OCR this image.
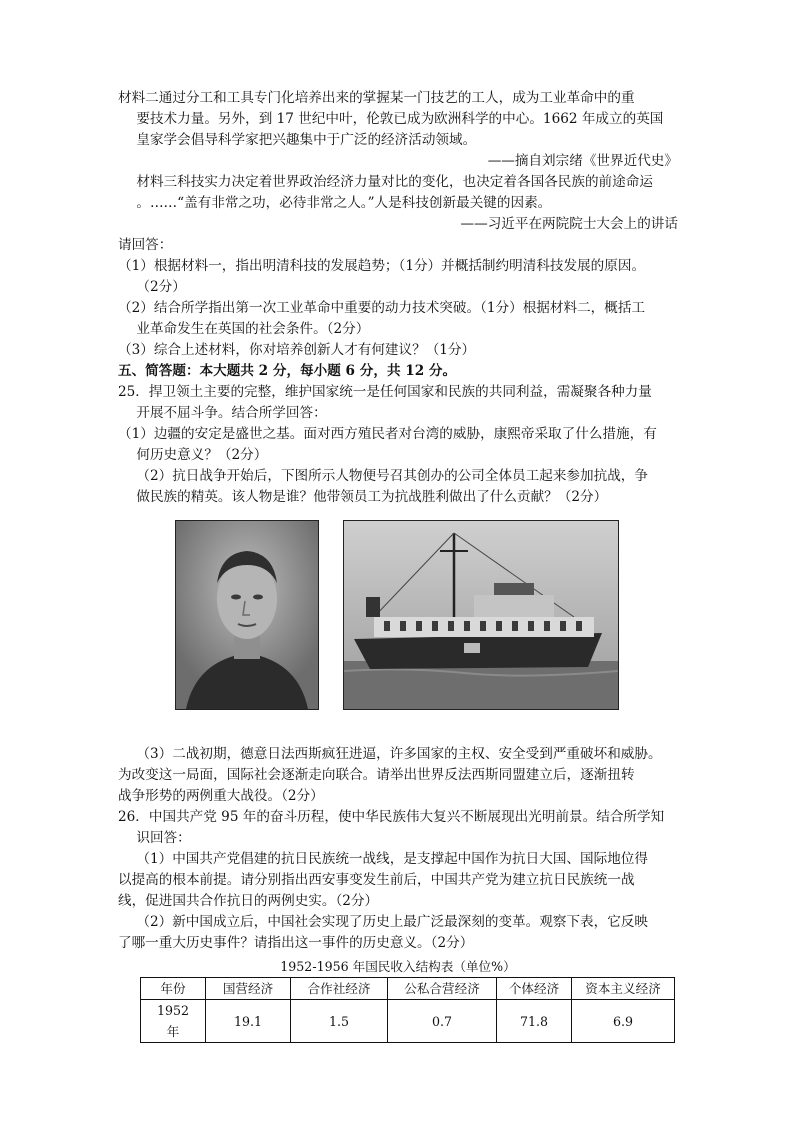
材料二通过分工和工具专门化培养出来的掌握某一门技艺的工人，成为工业革命中的重

要技术力量。另外，到 17 世纪中叶，伦敦已成为欧洲科学的中心。1662 年成立的英国

皇家学会倡导科学家把兴趣集中于广泛的经济活动领域。

——摘自刘宗绪《世界近代史》

材料三科技实力决定着世界政治经济力量对比的变化，也决定着各国各民族的前途命运

。……“盖有非常之功，必待非常之人。”人是科技创新最关键的因素。

——习近平在两院院士大会上的讲话

请回答：

（1）根据材料一，指出明清科技的发展趋势；（1分）并概括制约明清科技发展的原因。

（2分）

（2）结合所学指出第一次工业革命中重要的动力技术突破。（1分）根据材料二，概括工

业革命发生在英国的社会条件。（2分）

（3）综合上述材料，你对培养创新人才有何建议？（1分）

五、简答题：本大题共 2 分，每小题 6 分，共 12 分。

25．捍卫领土主要的完整，维护国家统一是任何国家和民族的共同利益，需凝聚各种力量

开展不屈斗争。结合所学回答：

（1）边疆的安定是盛世之基。面对西方殖民者对台湾的威胁，康熙帝采取了什么措施，有

何历史意义？（2分）

（2）抗日战争开始后，下图所示人物便号召其创办的公司全体员工起来参加抗战，争

做民族的精英。该人物是谁？他带领员工为抗战胜利做出了什么贡献？（2分）

（3）二战初期，德意日法西斯疯狂进逼，许多国家的主权、安全受到严重破坏和威胁。

为改变这一局面，国际社会逐渐走向联合。请举出世界反法西斯同盟建立后，逐渐扭转

战争形势的两例重大战役。（2分）

26．中国共产党 95 年的奋斗历程，使中华民族伟大复兴不断展现出光明前景。结合所学知

识回答：

（1）中国共产党倡建的抗日民族统一战线，是支撑起中国作为抗日大国、国际地位得

以提高的根本前提。请分别指出西安事变发生前后，中国共产党为建立抗日民族统一战

线，促进国共合作抗日的两例史实。（2分）

（2）新中国成立后，中国社会实现了历史上最广泛最深刻的变革。观察下表，它反映

了哪一重大历史事件？请指出这一事件的历史意义。（2分）

1952-1956 年国民收入结构表（单位%）

年份	国营经济	合作社经济	公私合营经济	个体经济	资本主义经济
1952 年	19.1	1.5	0.7	71.8	6.9
